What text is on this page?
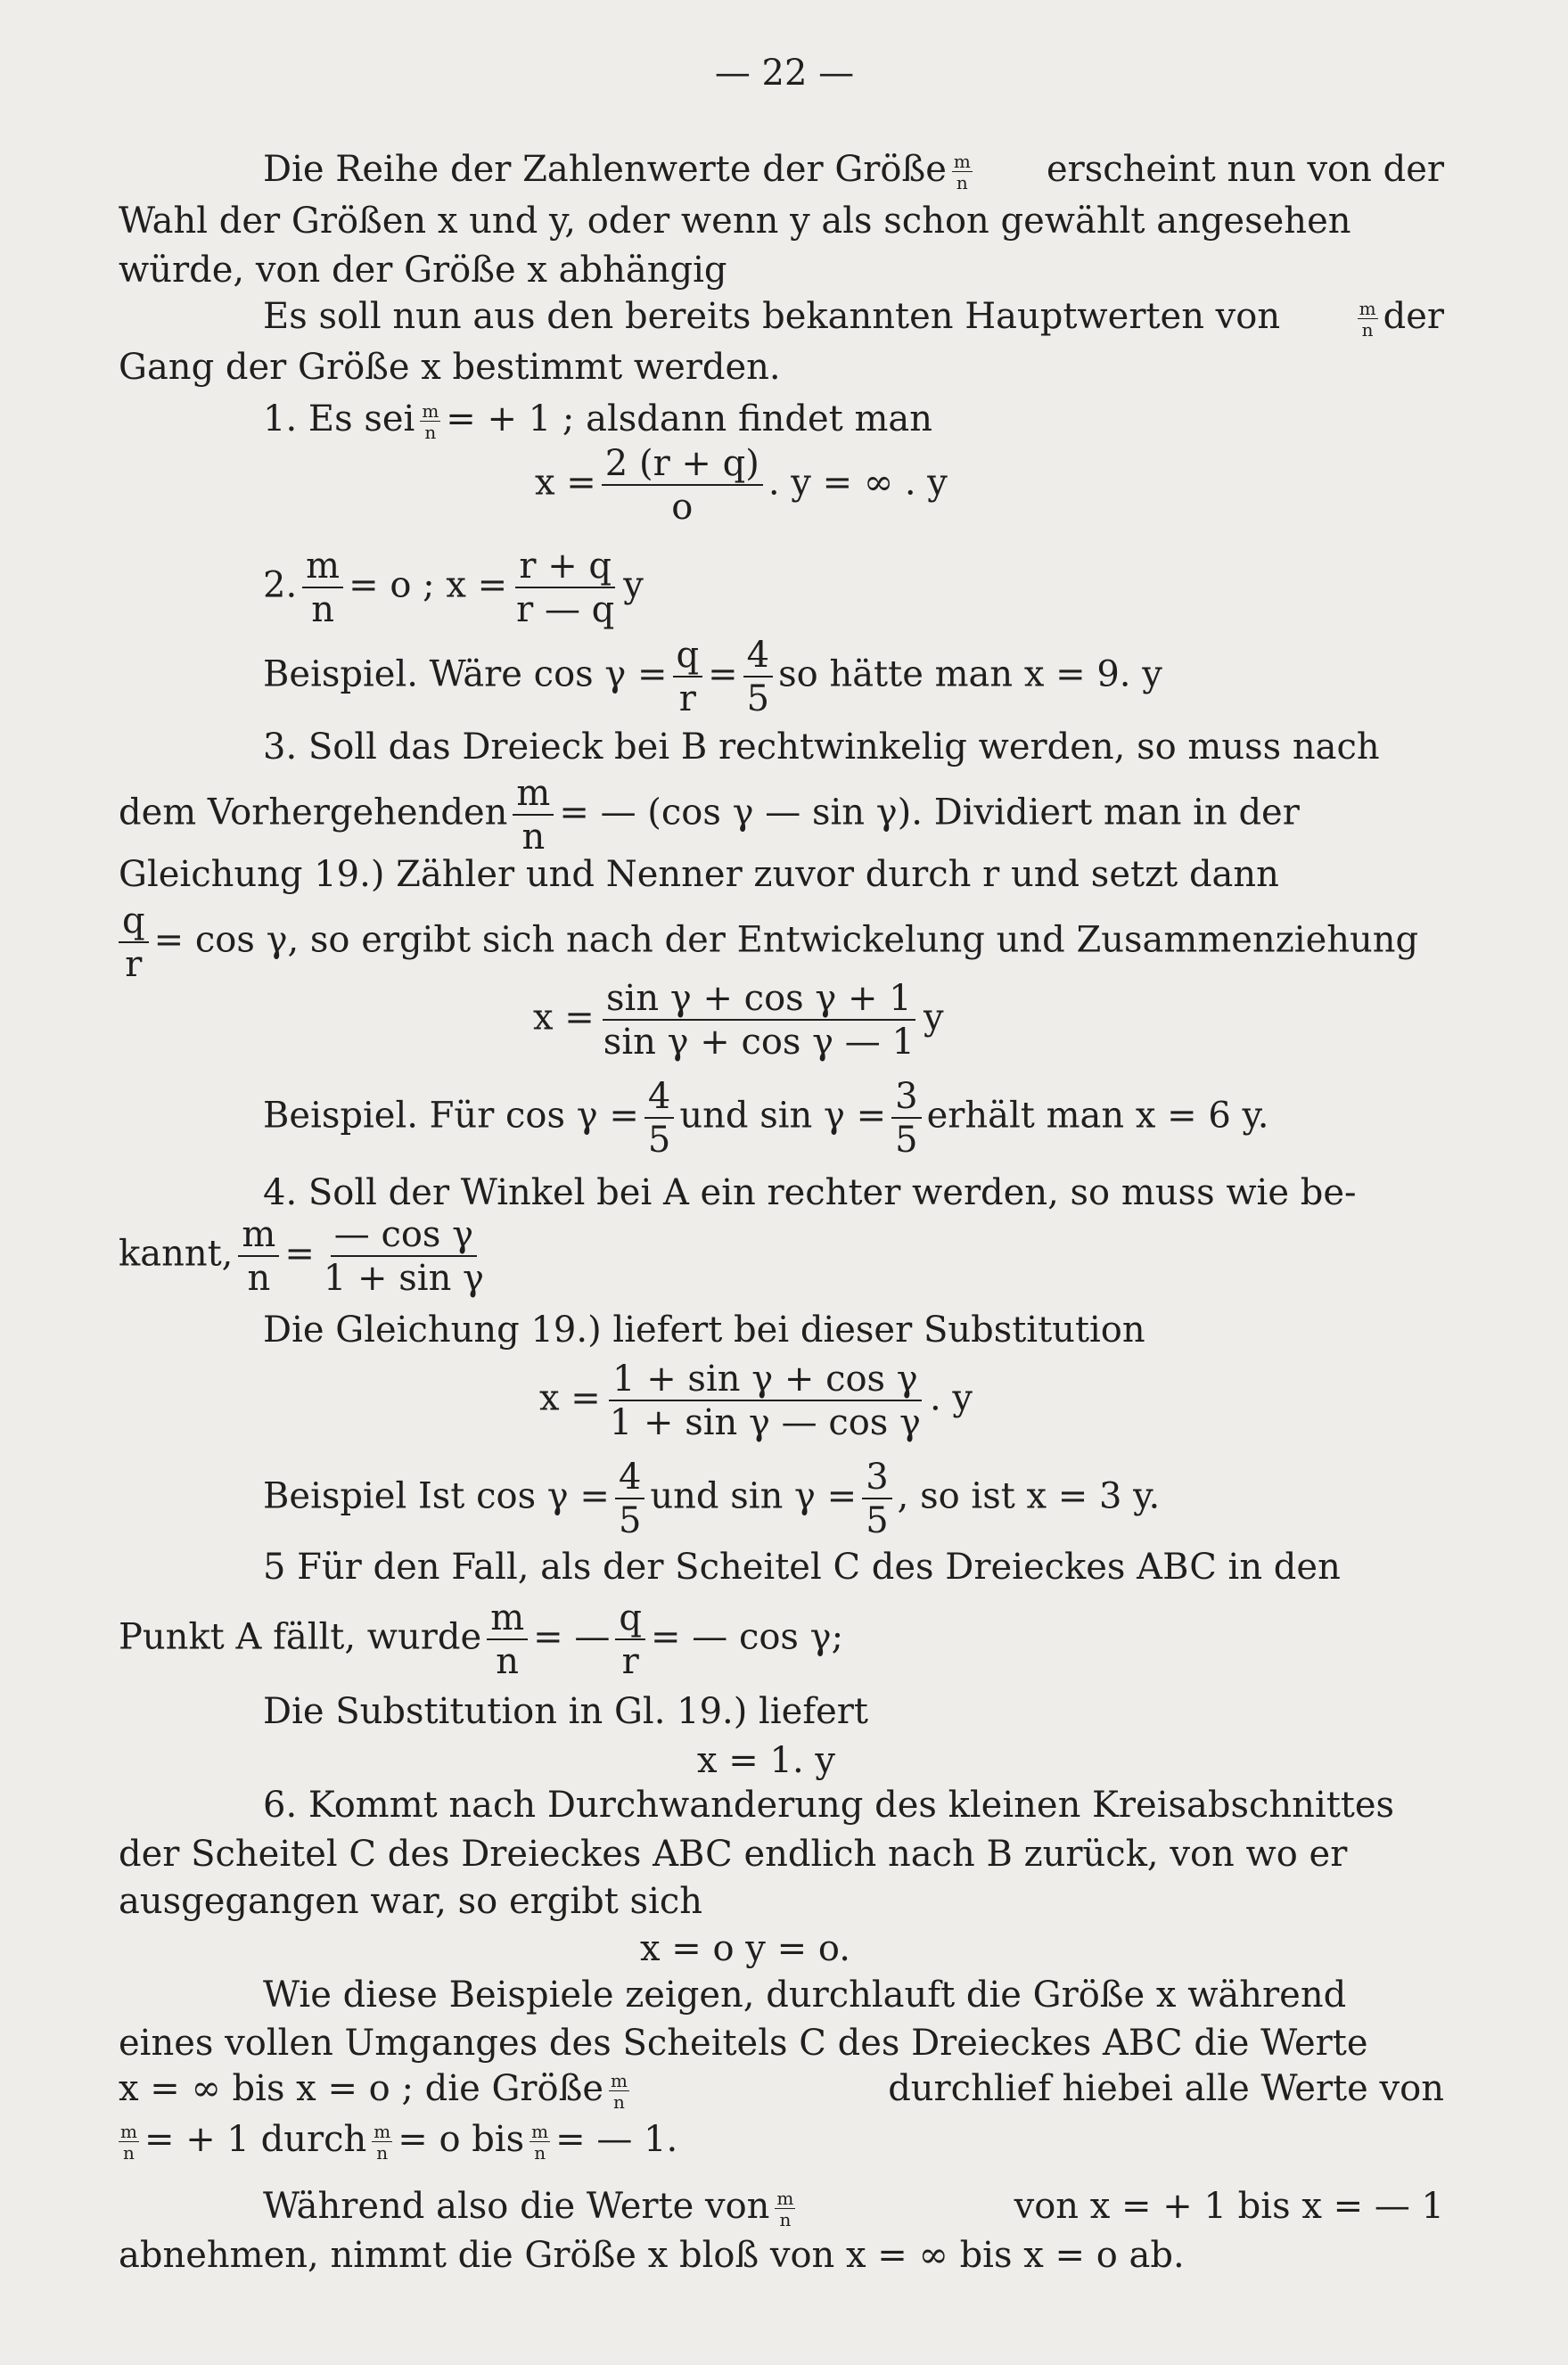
— 22 —
Die Reihe der Zahlenwerte der Größe $\frac{m}{n}$ erscheint nun von der
Wahl der Größen x und y, oder wenn y als schon gewählt angesehen
würde, von der Größe x abhängig
Es soll nun aus den bereits bekannten Hauptwerten von	$\frac{m}{n}$ der
Gang der Größe x bestimmt werden.
1. Es sei $\frac{m}{n}$ = + 1 ; alsdann findet man
$x = \frac{2 (r + q)}{o}$ . y = ∞ . y
2. $\frac{m}{n} = o$ ; $x = \frac{r + q}{r — q}$ y
Beispiel. Wäre $\cos \gamma = \frac{q}{r} = \frac{4}{5}$ so hätte man x = 9. y
3. Soll das Dreieck bei B rechtwinkelig werden, so muss nach
dem Vorhergehenden $\frac{m}{n}$ = — (cos γ — sin γ). Dividiert man in der
Gleichung 19.) Zähler und Nenner zuvor durch r und setzt dann
$\frac{q}{r} = \cos \gamma$, so ergibt sich nach der Entwickelung und Zusammenziehung
$x = \frac{\text{sin γ + cos γ + 1}}{\text{sin γ + cos γ — 1}}$ y
Beispiel. Für $\cos \gamma = \frac{4}{5}$ und $\sin \gamma = \frac{3}{5}$ erhält man x = 6 y.
4. Soll der Winkel bei A ein rechter werden, so muss wie be-
kannt, $\frac{m}{n} = \frac{\text{— cos γ}}{\text{1 + sin γ}}$
Die Gleichung 19.) liefert bei dieser Substitution
$x = \frac{\text{1 + sin γ + cos γ}}{\text{1 + sin γ — cos γ}}$ . y
Beispiel Ist $\cos \gamma = \frac{4}{5}$ und $\sin \gamma = \frac{3}{5}$ , so ist x = 3 y.
5 Für den Fall, als der Scheitel C des Dreieckes ABC in den
Punkt A fällt, wurde $\frac{m}{n}$ = — $\frac{q}{r}$ = — cos γ;
Die Substitution in Gl. 19.) liefert
x = 1. y
6. Kommt nach Durchwanderung des kleinen Kreisabschnittes
der Scheitel C des Dreieckes ABC endlich nach B zurück, von wo er
ausgegangen war, so ergibt sich
x = o y = o.
Wie diese Beispiele zeigen, durchlauft die Größe x während
eines vollen Umganges des Scheitels C des Dreieckes ABC die Werte
x = ∞ bis x = o ; die Größe $\frac{m}{n}$	durchlief hiebei alle Werte von
$\frac{m}{n}$ = + 1 durch $\frac{m}{n} = o$ bis $\frac{m}{n}$ = — 1.
Während also die Werte von $\frac{m}{n}$	von x = + 1 bis x = — 1
abnehmen, nimmt die Größe x bloß von x = ∞ bis x = o ab.
